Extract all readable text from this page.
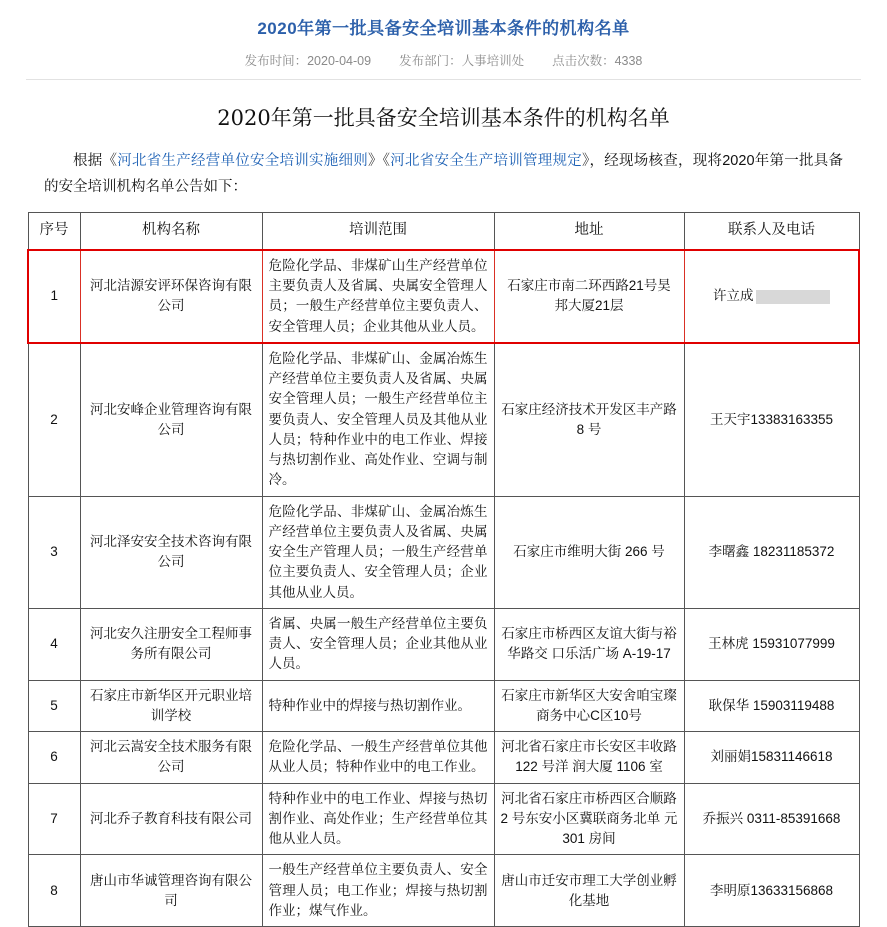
2020年第一批具备安全培训基本条件的机构名单
发布时间：2020-04-09 发布部门：人事培训处 点击次数：4338
2020年第一批具备安全培训基本条件的机构名单
根据《河北省生产经营单位安全培训实施细则》《河北省安全生产培训管理规定》，经现场核查，现将2020年第一批具备的安全培训机构名单公告如下：
序号	机构名称	培训范围	地址	联系人及电话
1	河北洁源安评环保咨询有限公司	危险化学品、非煤矿山生产经营单位主要负责人及省属、央属安全管理人员；一般生产经营单位主要负责人、安全管理人员；企业其他从业人员。	石家庄市南二环西路21号昊邦大厦21层	许立成
2	河北安峰企业管理咨询有限公司	危险化学品、非煤矿山、金属冶炼生产经营单位主要负责人及省属、央属安全管理人员；一般生产经营单位主要负责人、安全管理人员及其他从业人员；特种作业中的电工作业、焊接与热切割作业、高处作业、空调与制冷。	石家庄经济技术开发区丰产路 8 号	王天宇13383163355
3	河北泽安安全技术咨询有限公司	危险化学品、非煤矿山、金属冶炼生产经营单位主要负责人及省属、央属安全生产管理人员；一般生产经营单位主要负责人、安全管理人员；企业其他从业人员。	石家庄市维明大街 266 号	李曙鑫 18231185372
4	河北安久注册安全工程师事务所有限公司	省属、央属一般生产经营单位主要负责人、安全管理人员；企业其他从业人员。	石家庄市桥西区友谊大街与裕华路交 口乐活广场 A-19-17	王林虎 15931077999
5	石家庄市新华区开元职业培训学校	特种作业中的焊接与热切割作业。	石家庄市新华区大安舍咱宝璨商务中心C区10号	耿保华 15903119488
6	河北云嵩安全技术服务有限公司	危险化学品、一般生产经营单位其他从业人员；特种作业中的电工作业。	河北省石家庄市长安区丰收路 122 号洋 润大厦 1106 室	刘丽娟15831146618
7	河北乔子教育科技有限公司	特种作业中的电工作业、焊接与热切割作业、高处作业；生产经营单位其他从业人员。	河北省石家庄市桥西区合顺路 2 号东安小区冀联商务北单 元 301 房间	乔振兴 0311-85391668
8	唐山市华诚管理咨询有限公司	一般生产经营单位主要负责人、安全管理人员；电工作业；焊接与热切割作业；煤气作业。	唐山市迁安市理工大学创业孵化基地	李明原13633156868
